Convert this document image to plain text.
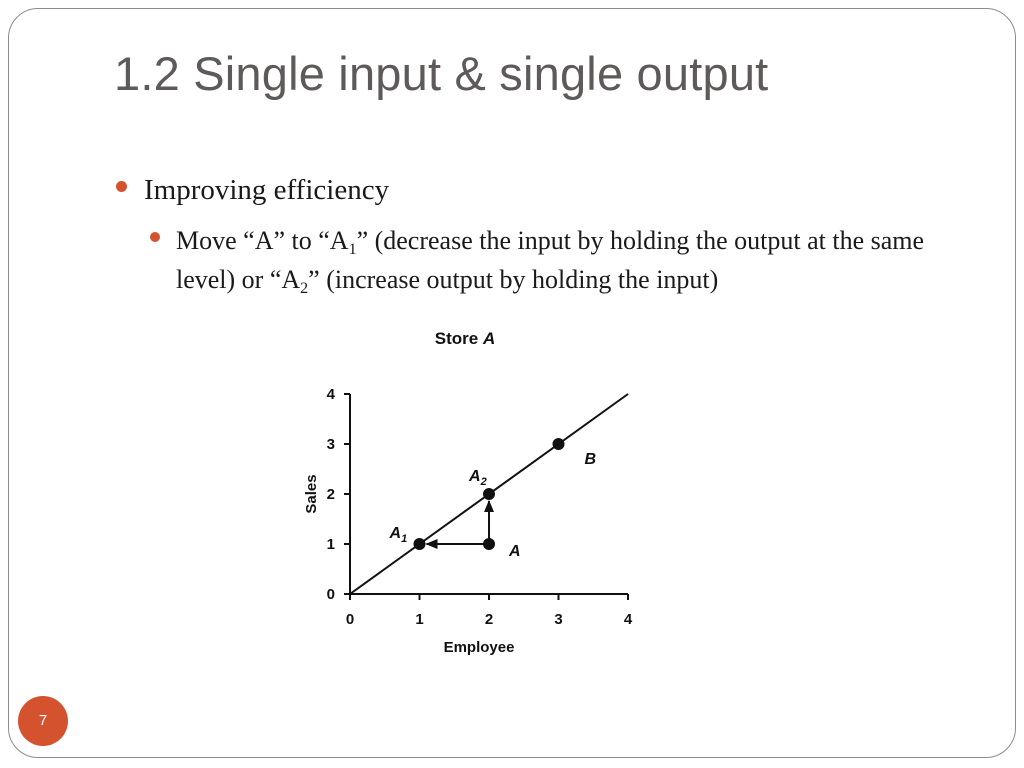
1.2 Single input & single output
Improving efficiency
Move “A” to “$A_1$” (decrease the input by holding the output at the same level) or “$A_2$” (increase output by holding the input)
Store A
0	1	2	3	4
0
1
2
3
4
Employee
Sales
A
$A_1$
$A_2$
B
7
